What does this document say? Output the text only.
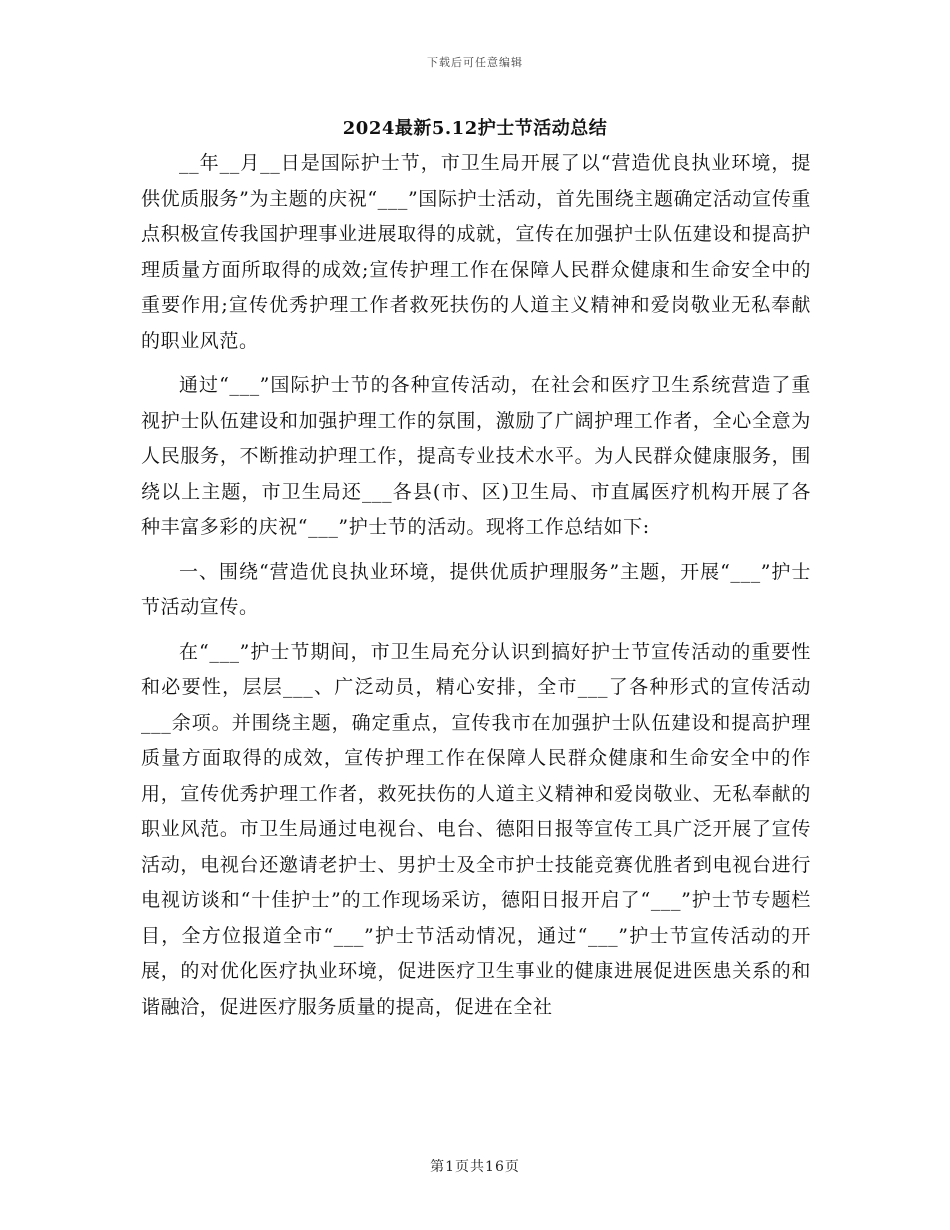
下载后可任意编辑
2024最新5.12护士节活动总结

__年__月__日是国际护士节，市卫生局开展了以“营造优良执业环境，提供优质服务”为主题的庆祝“___”国际护士活动，首先围绕主题确定活动宣传重点积极宣传我国护理事业进展取得的成就，宣传在加强护士队伍建设和提高护理质量方面所取得的成效;宣传护理工作在保障人民群众健康和生命安全中的重要作用;宣传优秀护理工作者救死扶伤的人道主义精神和爱岗敬业无私奉献的职业风范。

通过“___”国际护士节的各种宣传活动，在社会和医疗卫生系统营造了重视护士队伍建设和加强护理工作的氛围，激励了广阔护理工作者，全心全意为人民服务，不断推动护理工作，提高专业技术水平。为人民群众健康服务，围绕以上主题，市卫生局还___各县(市、区)卫生局、市直属医疗机构开展了各种丰富多彩的庆祝“___”护士节的活动。现将工作总结如下:

一、围绕“营造优良执业环境，提供优质护理服务”主题，开展“___”护士节活动宣传。

在“___”护士节期间，市卫生局充分认识到搞好护士节宣传活动的重要性和必要性，层层___、广泛动员，精心安排，全市___了各种形式的宣传活动___余项。并围绕主题，确定重点，宣传我市在加强护士队伍建设和提高护理质量方面取得的成效，宣传护理工作在保障人民群众健康和生命安全中的作用，宣传优秀护理工作者，救死扶伤的人道主义精神和爱岗敬业、无私奉献的职业风范。市卫生局通过电视台、电台、德阳日报等宣传工具广泛开展了宣传活动，电视台还邀请老护士、男护士及全市护士技能竞赛优胜者到电视台进行电视访谈和“十佳护士”的工作现场采访，德阳日报开启了“___”护士节专题栏目，全方位报道全市“___”护士节活动情况，通过“___”护士节宣传活动的开展，的对优化医疗执业环境，促进医疗卫生事业的健康进展促进医患关系的和谐融洽，促进医疗服务质量的提高，促进在全社

第1页共16页
